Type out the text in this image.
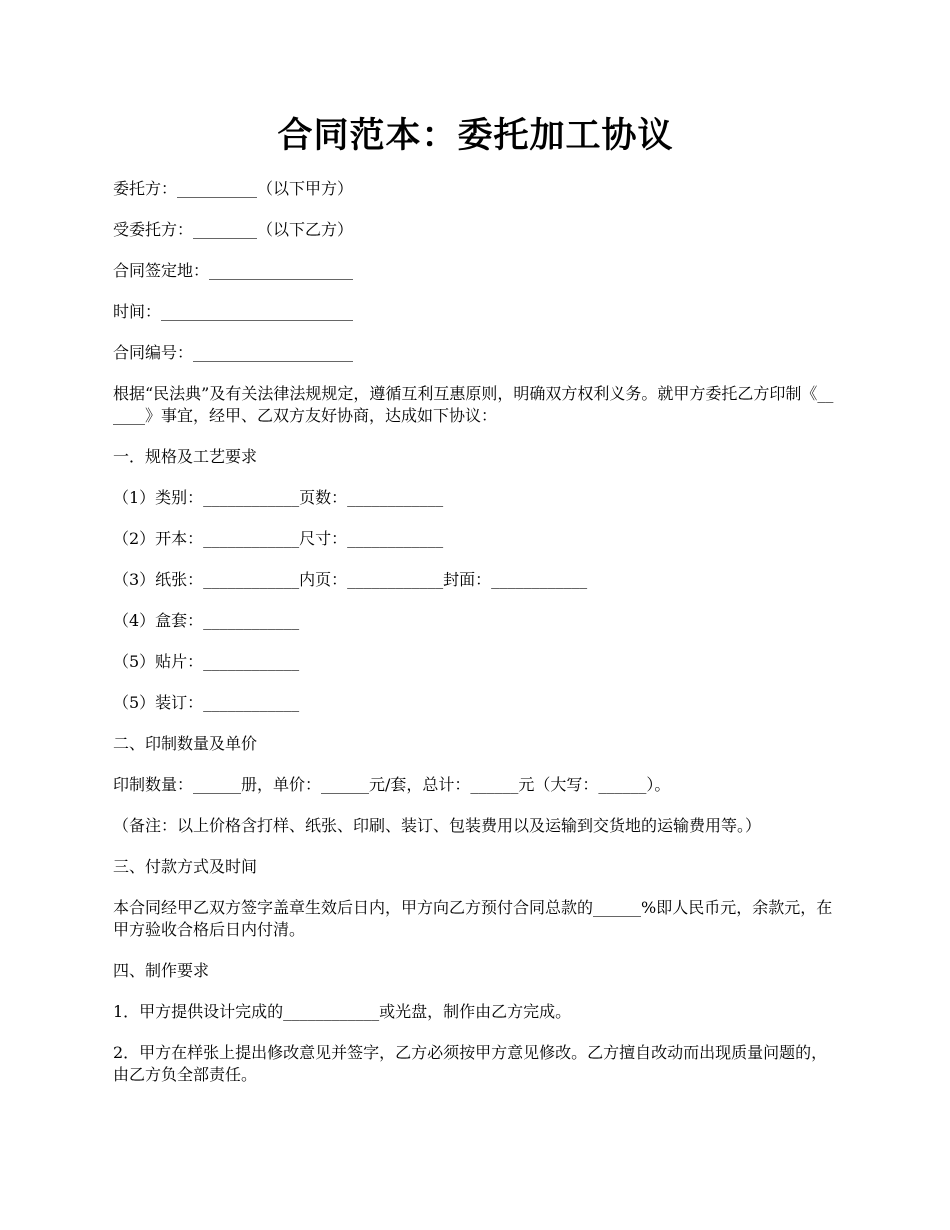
合同范本：委托加工协议
委托方：__________（以下甲方）
受委托方：________（以下乙方）
合同签定地：__________________
时间：________________________
合同编号：____________________
根据“民法典”及有关法律法规规定，遵循互利互惠原则，明确双方权利义务。就甲方委托乙方印制《______》事宜，经甲、乙双方友好协商，达成如下协议：
一．规格及工艺要求
（1）类别：____________页数：____________
（2）开本：____________尺寸：____________
（3）纸张：____________内页：____________封面：____________
（4）盒套：____________
（5）贴片：____________
（5）装订：____________
二、印制数量及单价
印制数量：______册，单价：______元/套，总计：______元（大写：______）。
（备注：以上价格含打样、纸张、印刷、装订、包装费用以及运输到交货地的运输费用等。）
三、付款方式及时间
本合同经甲乙双方签字盖章生效后日内，甲方向乙方预付合同总款的______%即人民币元，余款元，在甲方验收合格后日内付清。
四、制作要求
1．甲方提供设计完成的____________或光盘，制作由乙方完成。
2．甲方在样张上提出修改意见并签字，乙方必须按甲方意见修改。乙方擅自改动而出现质量问题的，由乙方负全部责任。
